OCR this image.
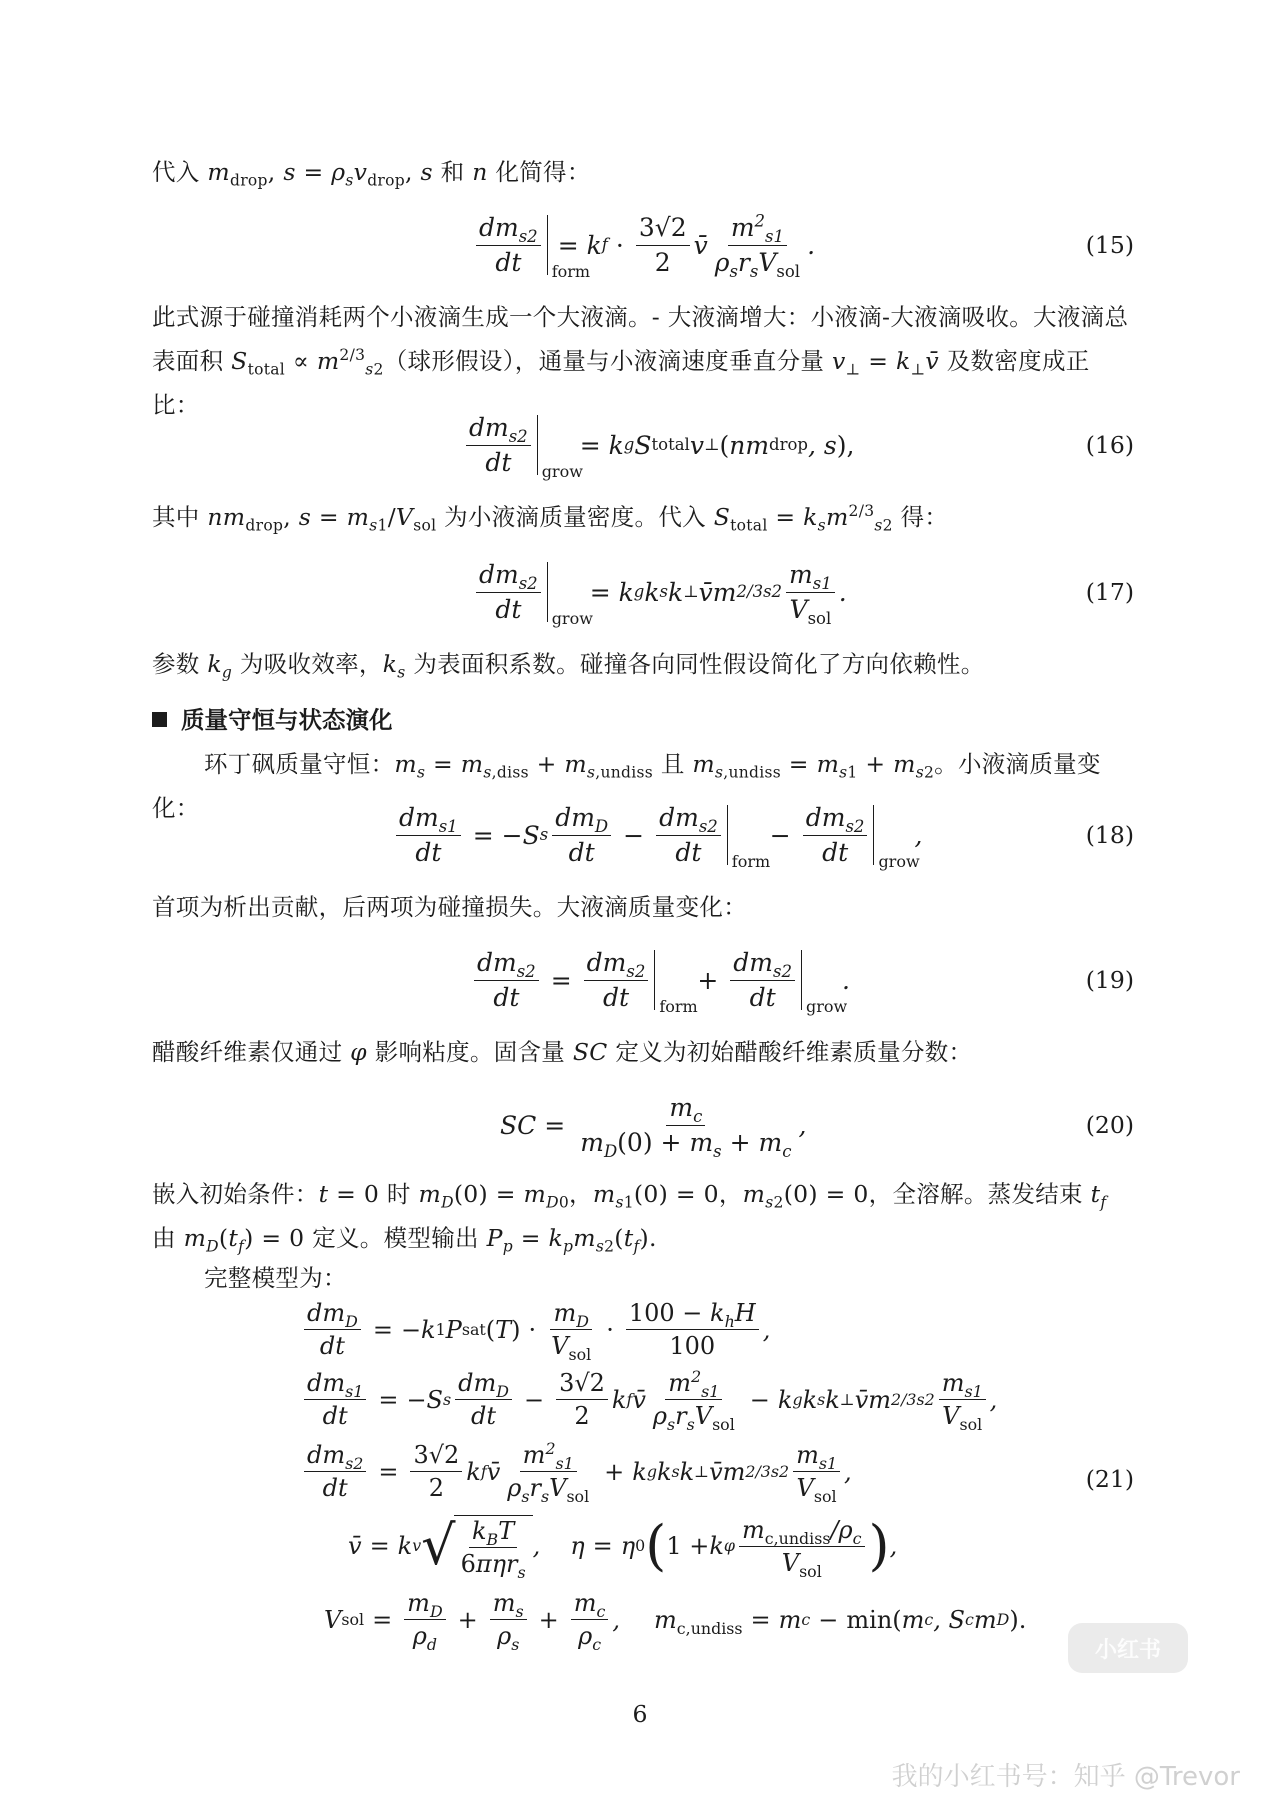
代入 $m_{drop}$, $s = \rho_sv_{drop}$, s 和 n 化简得：
$\frac{dm_{s2}}{dt}$ form
= k $f \cdot \frac{3√2}{2}$ v̄ $\frac{m^2_{s1}}{\rho_sr_sV_{sol}}$ .	(15)
此式源于碰撞消耗两个小液滴生成一个大液滴。- 大液滴增大：小液滴-大液滴吸收。大液滴总表面积 $S_{total} \propto m^{2/3}_{s2}$（球形假设），通量与小液滴速度垂直分量 $v_\perp$ = $k_\perp v̄$ 及数密度成正比：
$\frac{dm_{s2}}{dt}$ grow
= k g S total v ⊥ ( nm drop , s ),	(16)
其中 $nm_{drop}$, $s = m_{s1}/V_{sol}$ 为小液滴质量密度。代入 $S_{total} = k_sm^{2/3}_{s2}$ 得：
$\frac{dm_{s2}}{dt}$ grow
= k g k s k ⊥ v̄m 2/3 $s2 \frac{m_{s1}}{V_{sol}}$ .	(17)
参数 $k_g$ 为吸收效率，$k_s$ 为表面积系数。碰撞各向同性假设简化了方向依赖性。
质量守恒与状态演化
环丁砜质量守恒：$m_s = m_{s,diss} + m_{s,undiss}$ 且 $m_{s,undiss} = m_{s1} + m_{s2}$。小液滴质量变化：	$\frac{dm_{s1}}{dt}$ = − S s $\frac{dm_D}{dt} - \frac{dm_{s2}}{dt}$ form
− $\frac{dm_{s2}}{dt}$ grow
,	(18)
首项为析出贡献，后两项为碰撞损失。大液滴质量变化：
$\frac{dm_{s2}}{dt} = \frac{dm_{s2}}{dt}$ form
+ $\frac{dm_{s2}}{dt}$ grow
.	(19)
醋酸纤维素仅通过 φ 影响粘度。固含量 SC 定义为初始醋酸纤维素质量分数：
SC = $\frac{m_c}{m_D(0) + m_s + m_c}$ ,	(20)
嵌入初始条件：t = 0 时 $m_D(0) = m_{D0}$，$m_{s1}(0) = 0$，$m_{s2}(0) = 0$，全溶解。蒸发结束 $t_f$ 由 $m_D(t_f) = 0$ 定义。模型输出 $P_p = k_pm_{s2}(t_f)$.
完整模型为：
$\frac{dm_D}{dt}$ = − k 1 P sat ( T ) · $\frac{m_D}{V_{sol}} \cdot \frac{100 - k_hH}{100}$ ,
$\frac{dm_{s1}}{dt}$ = − S s $\frac{dm_D}{dt} - \frac{3√2}{2}$ k f v̄ $\frac{m^2_{s1}}{\rho_sr_sV_{sol}} - k$ g k s k ⊥ v̄m 2/3 $s2 \frac{m_{s1}}{V_{sol}}$ ,
$\frac{dm_{s2}}{dt} = \frac{3√2}{2}$ k f v̄ $\frac{m^2_{s1}}{\rho_sr_sV_{sol}} + k$ g k s k ⊥ v̄m 2/3 $s2 \frac{m_{s1}}{V_{sol}}$ ,
v̄ = k v √ $\frac{k_BT}{6\pi\eta r_s}$ , η = η 0 ( 1 + k φ $\frac{m_{c,undiss}/\rho_c}{V_{sol}}$ ) ,
V sol = $\frac{m_D}{\rho_d} + \frac{m_s}{\rho_s} + \frac{m_c}{\rho_c}$ , $m_{c,undiss} = m$ c − min( m c , S c m D ).
(21)
6
小红书
我的小红书号：知乎 @Trevor
